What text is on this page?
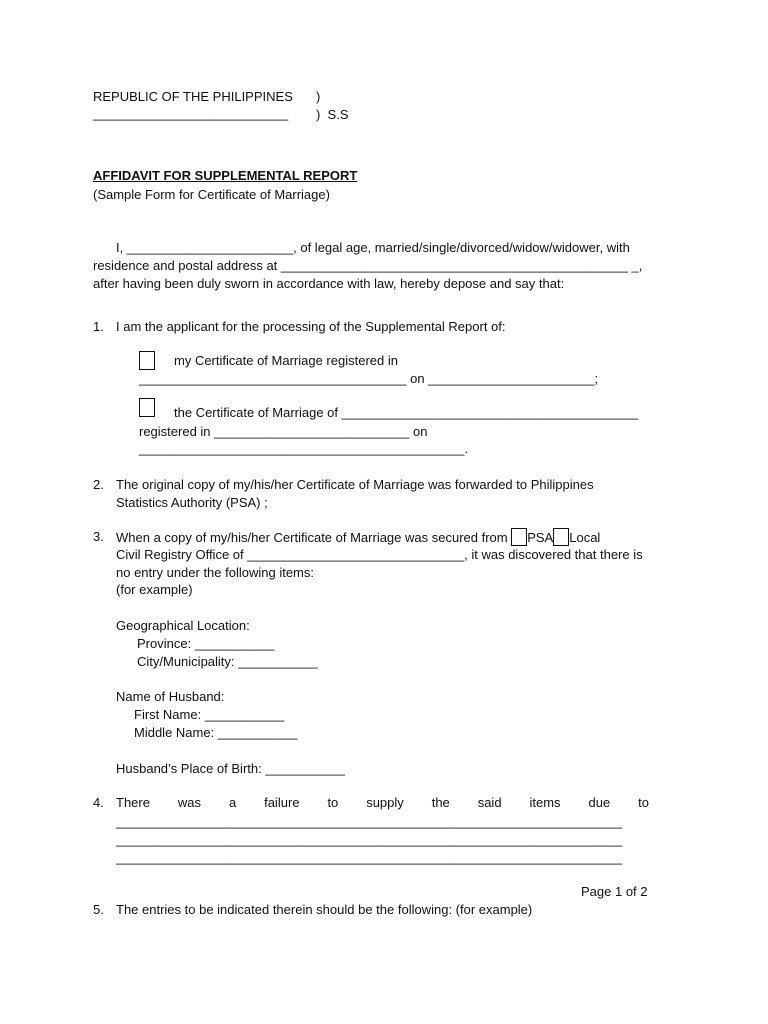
REPUBLIC OF THE PHILIPPINES )
___________________________ )  S.S
AFFIDAVIT FOR SUPPLEMENTAL REPORT
(Sample Form for Certificate of Marriage)
I, _______________________, of legal age, married/single/divorced/widow/widower, with
residence and postal address at ________________________________________________ _,
after having been duly sworn in accordance with law, hereby depose and say that:
1. I am the applicant for the processing of the Supplemental Report of:
my Certificate of Marriage registered in
_____________________________________ on _______________________;
the Certificate of Marriage of _________________________________________
registered in ___________________________ on
_____________________________________________.
2. The original copy of my/his/her Certificate of Marriage was forwarded to Philippines
Statistics Authority (PSA) ;
3. When a copy of my/his/her Certificate of Marriage was secured from PSA Local
Civil Registry Office of ______________________________, it was discovered that there is
no entry under the following items:
(for example)
Geographical Location:
Province: ___________
City/Municipality: ___________
Name of Husband:
First Name: ___________
Middle Name: ___________
Husband’s Place of Birth: ___________
4. There was a failure to supply the said items due to
______________________________________________________________________
______________________________________________________________________
______________________________________________________________________
Page 1 of 2
5. The entries to be indicated therein should be the following: (for example)
